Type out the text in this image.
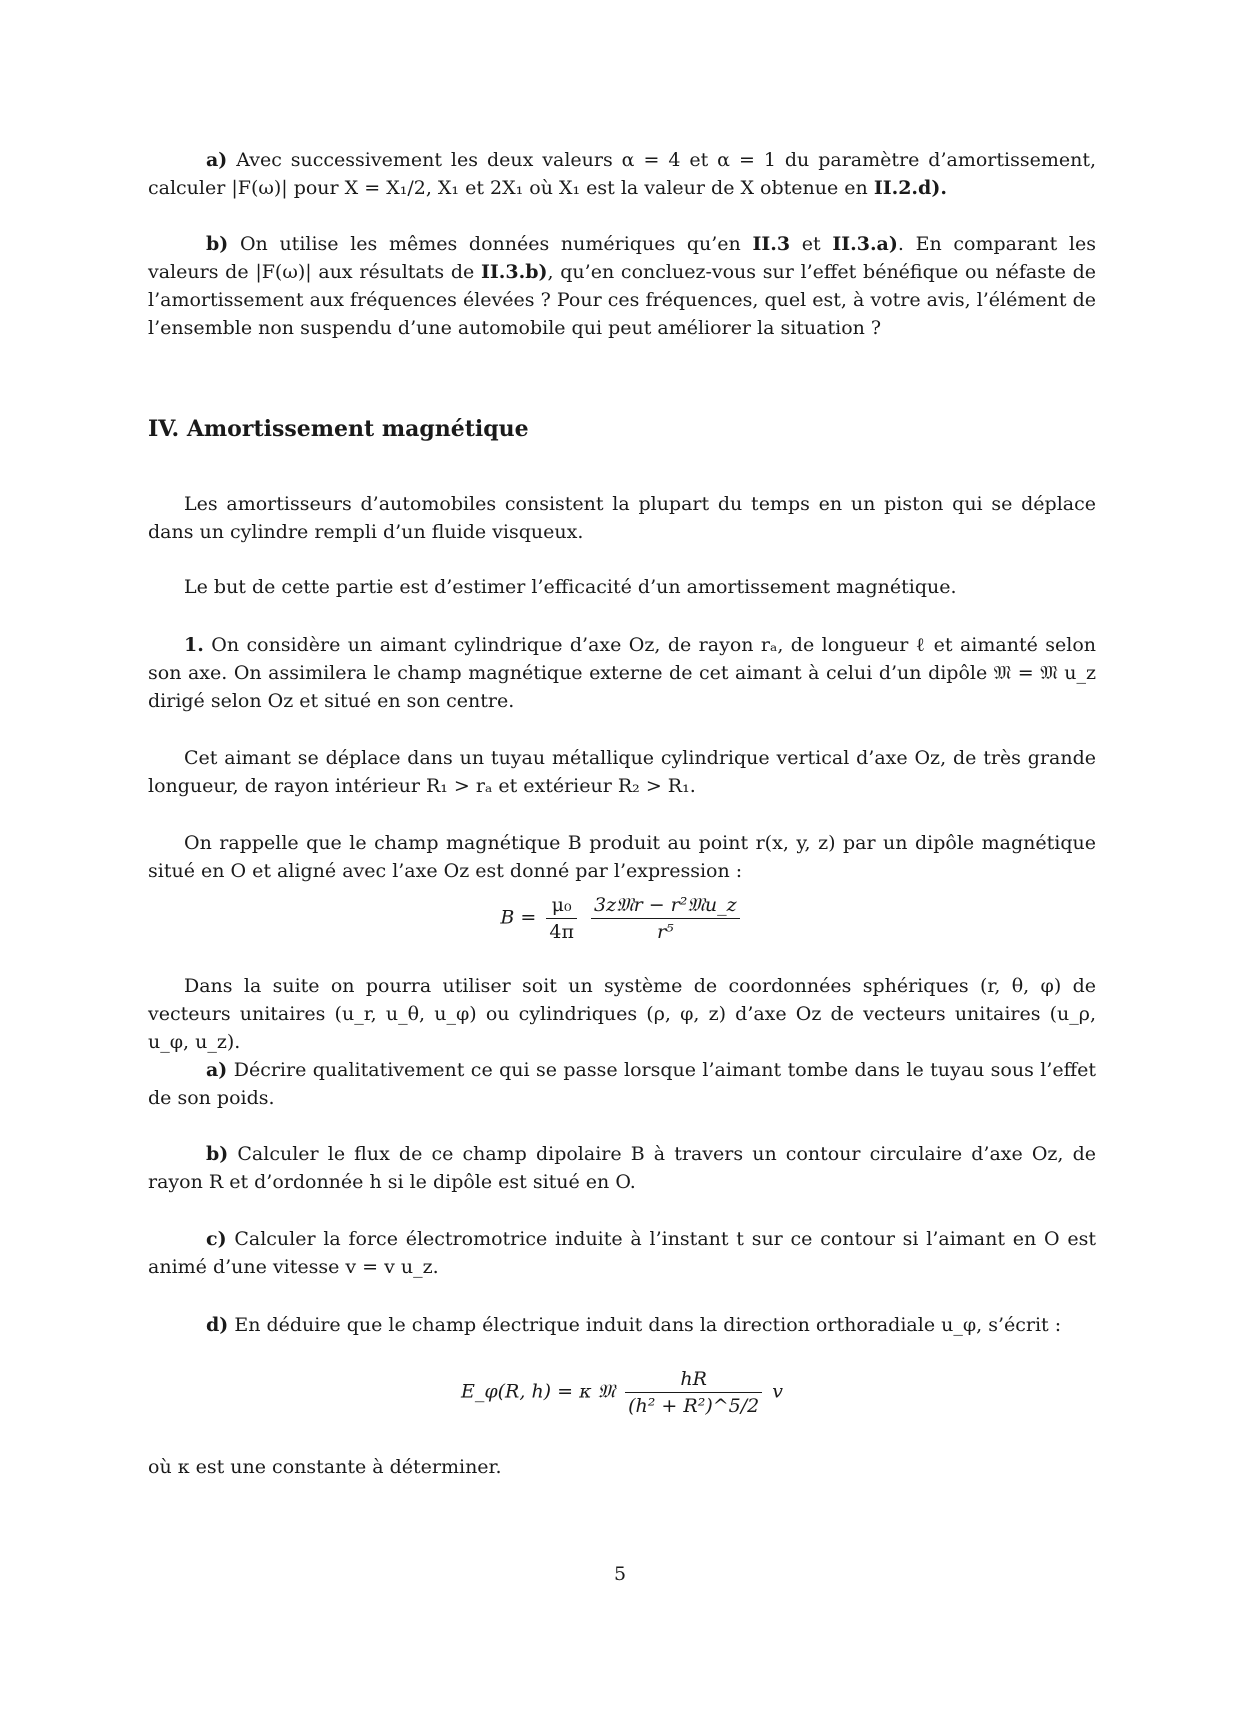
a) Avec successivement les deux valeurs α = 4 et α = 1 du paramètre d’amortissement, calculer |F(ω)| pour X = X₁/2, X₁ et 2X₁ où X₁ est la valeur de X obtenue en II.2.d).

b) On utilise les mêmes données numériques qu’en II.3 et II.3.a). En comparant les valeurs de |F(ω)| aux résultats de II.3.b), qu’en concluez-vous sur l’effet bénéfique ou néfaste de l’amortissement aux fréquences élevées ? Pour ces fréquences, quel est, à votre avis, l’élément de l’ensemble non suspendu d’une automobile qui peut améliorer la situation ?

IV. Amortissement magnétique

Les amortisseurs d’automobiles consistent la plupart du temps en un piston qui se déplace dans un cylindre rempli d’un fluide visqueux.

Le but de cette partie est d’estimer l’efficacité d’un amortissement magnétique.

1. On considère un aimant cylindrique d’axe Oz, de rayon rₐ, de longueur ℓ et aimanté selon son axe. On assimilera le champ magnétique externe de cet aimant à celui d’un dipôle 𝔐 = 𝔐 u_z dirigé selon Oz et situé en son centre.

Cet aimant se déplace dans un tuyau métallique cylindrique vertical d’axe Oz, de très grande longueur, de rayon intérieur R₁ > rₐ et extérieur R₂ > R₁.

On rappelle que le champ magnétique B produit au point r(x, y, z) par un dipôle magnétique situé en O et aligné avec l’axe Oz est donné par l’expression :

$B = \frac{\text{μ₀}}{4\pi}$
$\frac{\text{3z𝔐r − r²𝔐u\_z}}{\text{r⁵}}$

Dans la suite on pourra utiliser soit un système de coordonnées sphériques (r, θ, φ) de vecteurs unitaires (u_r, u_θ, u_φ) ou cylindriques (ρ, φ, z) d’axe Oz de vecteurs unitaires (u_ρ, u_φ, u_z).

a) Décrire qualitativement ce qui se passe lorsque l’aimant tombe dans le tuyau sous l’effet de son poids.

b) Calculer le flux de ce champ dipolaire B à travers un contour circulaire d’axe Oz, de rayon R et d’ordonnée h si le dipôle est situé en O.

c) Calculer la force électromotrice induite à l’instant t sur ce contour si l’aimant en O est animé d’une vitesse v = v u_z.

d) En déduire que le champ électrique induit dans la direction orthoradiale u_φ, s’écrit :

E_φ(R, h) = κ 𝔐 $\frac{hR}{\text{(h² + R²)\textasciicircum{}5/2}}$ v

où κ est une constante à déterminer.

5
